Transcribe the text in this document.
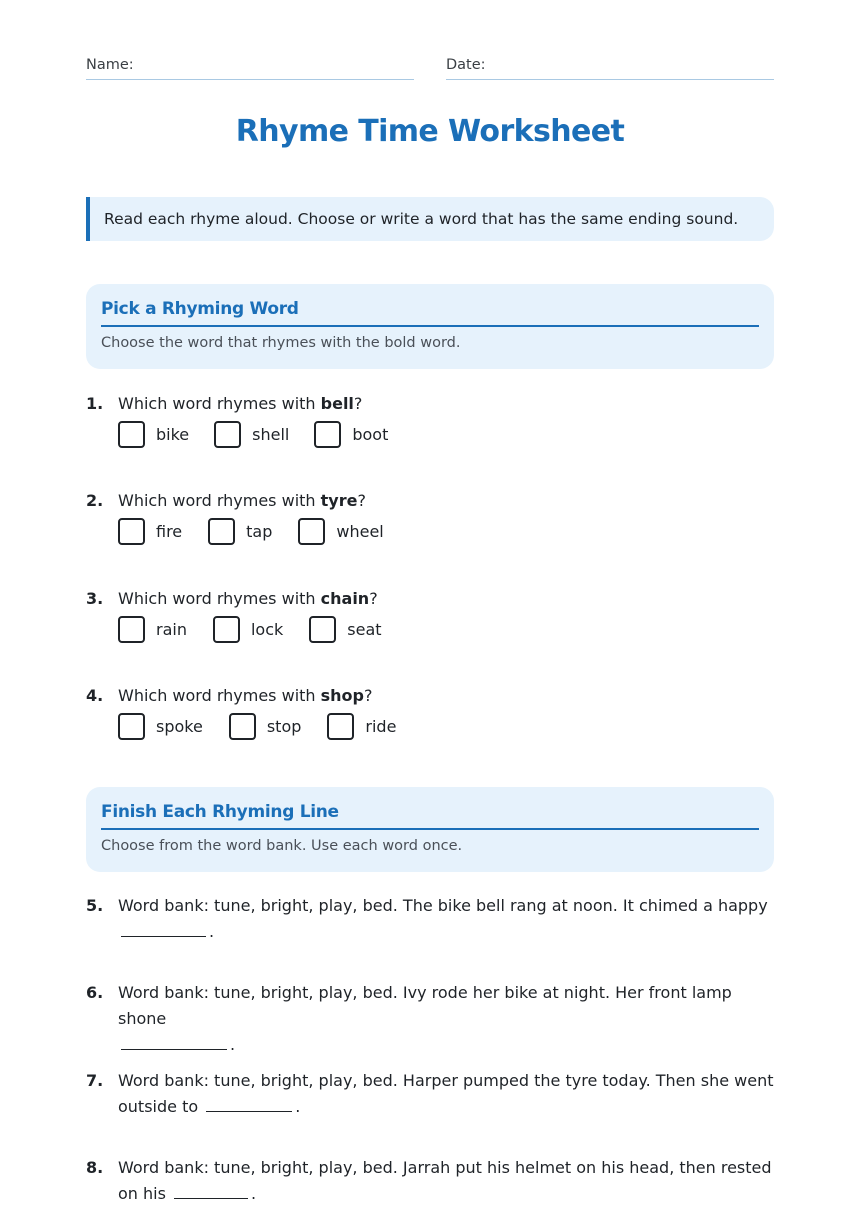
Name:	Date:
Rhyme Time Worksheet
Read each rhyme aloud. Choose or write a word that has the same ending sound.
Pick a Rhyming Word
Choose the word that rhymes with the bold word.
1. Which word rhymes with bell?
bike	shell	boot
2. Which word rhymes with tyre?
fire	tap	wheel
3. Which word rhymes with chain?
rain	lock	seat
4. Which word rhymes with shop?
spoke	stop	ride
Finish Each Rhyming Line
Choose from the word bank. Use each word once.
5. Word bank: tune, bright, play, bed. The bike bell rang at noon. It chimed a happy
.
6. Word bank: tune, bright, play, bed. Ivy rode her bike at night. Her front lamp shone
.
7. Word bank: tune, bright, play, bed. Harper pumped the tyre today. Then she went
outside to	.
8. Word bank: tune, bright, play, bed. Jarrah put his helmet on his head, then rested
on his	.
